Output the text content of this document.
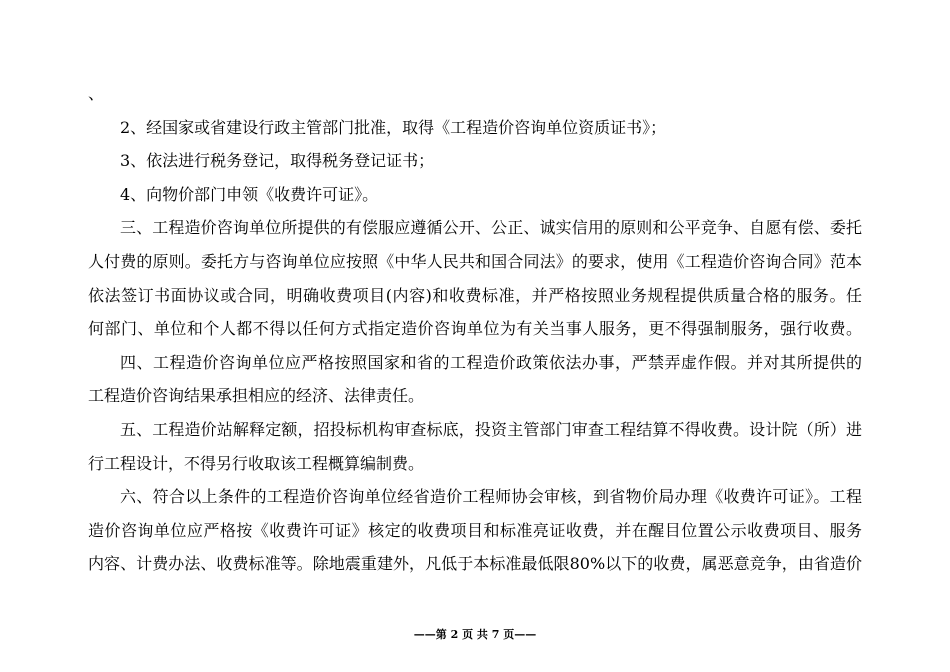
、
2、经国家或省建设行政主管部门批准，取得《工程造价咨询单位资质证书》；
3、依法进行税务登记，取得税务登记证书；
4、向物价部门申领《收费许可证》。
三、工程造价咨询单位所提供的有偿服应遵循公开、公正、诚实信用的原则和公平竞争、自愿有偿、委托
人付费的原则。委托方与咨询单位应按照《中华人民共和国合同法》的要求，使用《工程造价咨询合同》范本
依法签订书面协议或合同，明确收费项目(内容)和收费标准，并严格按照业务规程提供质量合格的服务。任
何部门、单位和个人都不得以任何方式指定造价咨询单位为有关当事人服务，更不得强制服务，强行收费。
四、工程造价咨询单位应严格按照国家和省的工程造价政策依法办事，严禁弄虚作假。并对其所提供的
工程造价咨询结果承担相应的经济、法律责任。
五、工程造价站解释定额，招投标机构审查标底，投资主管部门审查工程结算不得收费。设计院（所）进
行工程设计，不得另行收取该工程概算编制费。
六、符合以上条件的工程造价咨询单位经省造价工程师协会审核，到省物价局办理《收费许可证》。工程
造价咨询单位应严格按《收费许可证》核定的收费项目和标准亮证收费，并在醒目位置公示收费项目、服务
内容、计费办法、收费标准等。除地震重建外，凡低于本标准最低限80%以下的收费，属恶意竞争，由省造价
——第 2 页 共 7 页——
